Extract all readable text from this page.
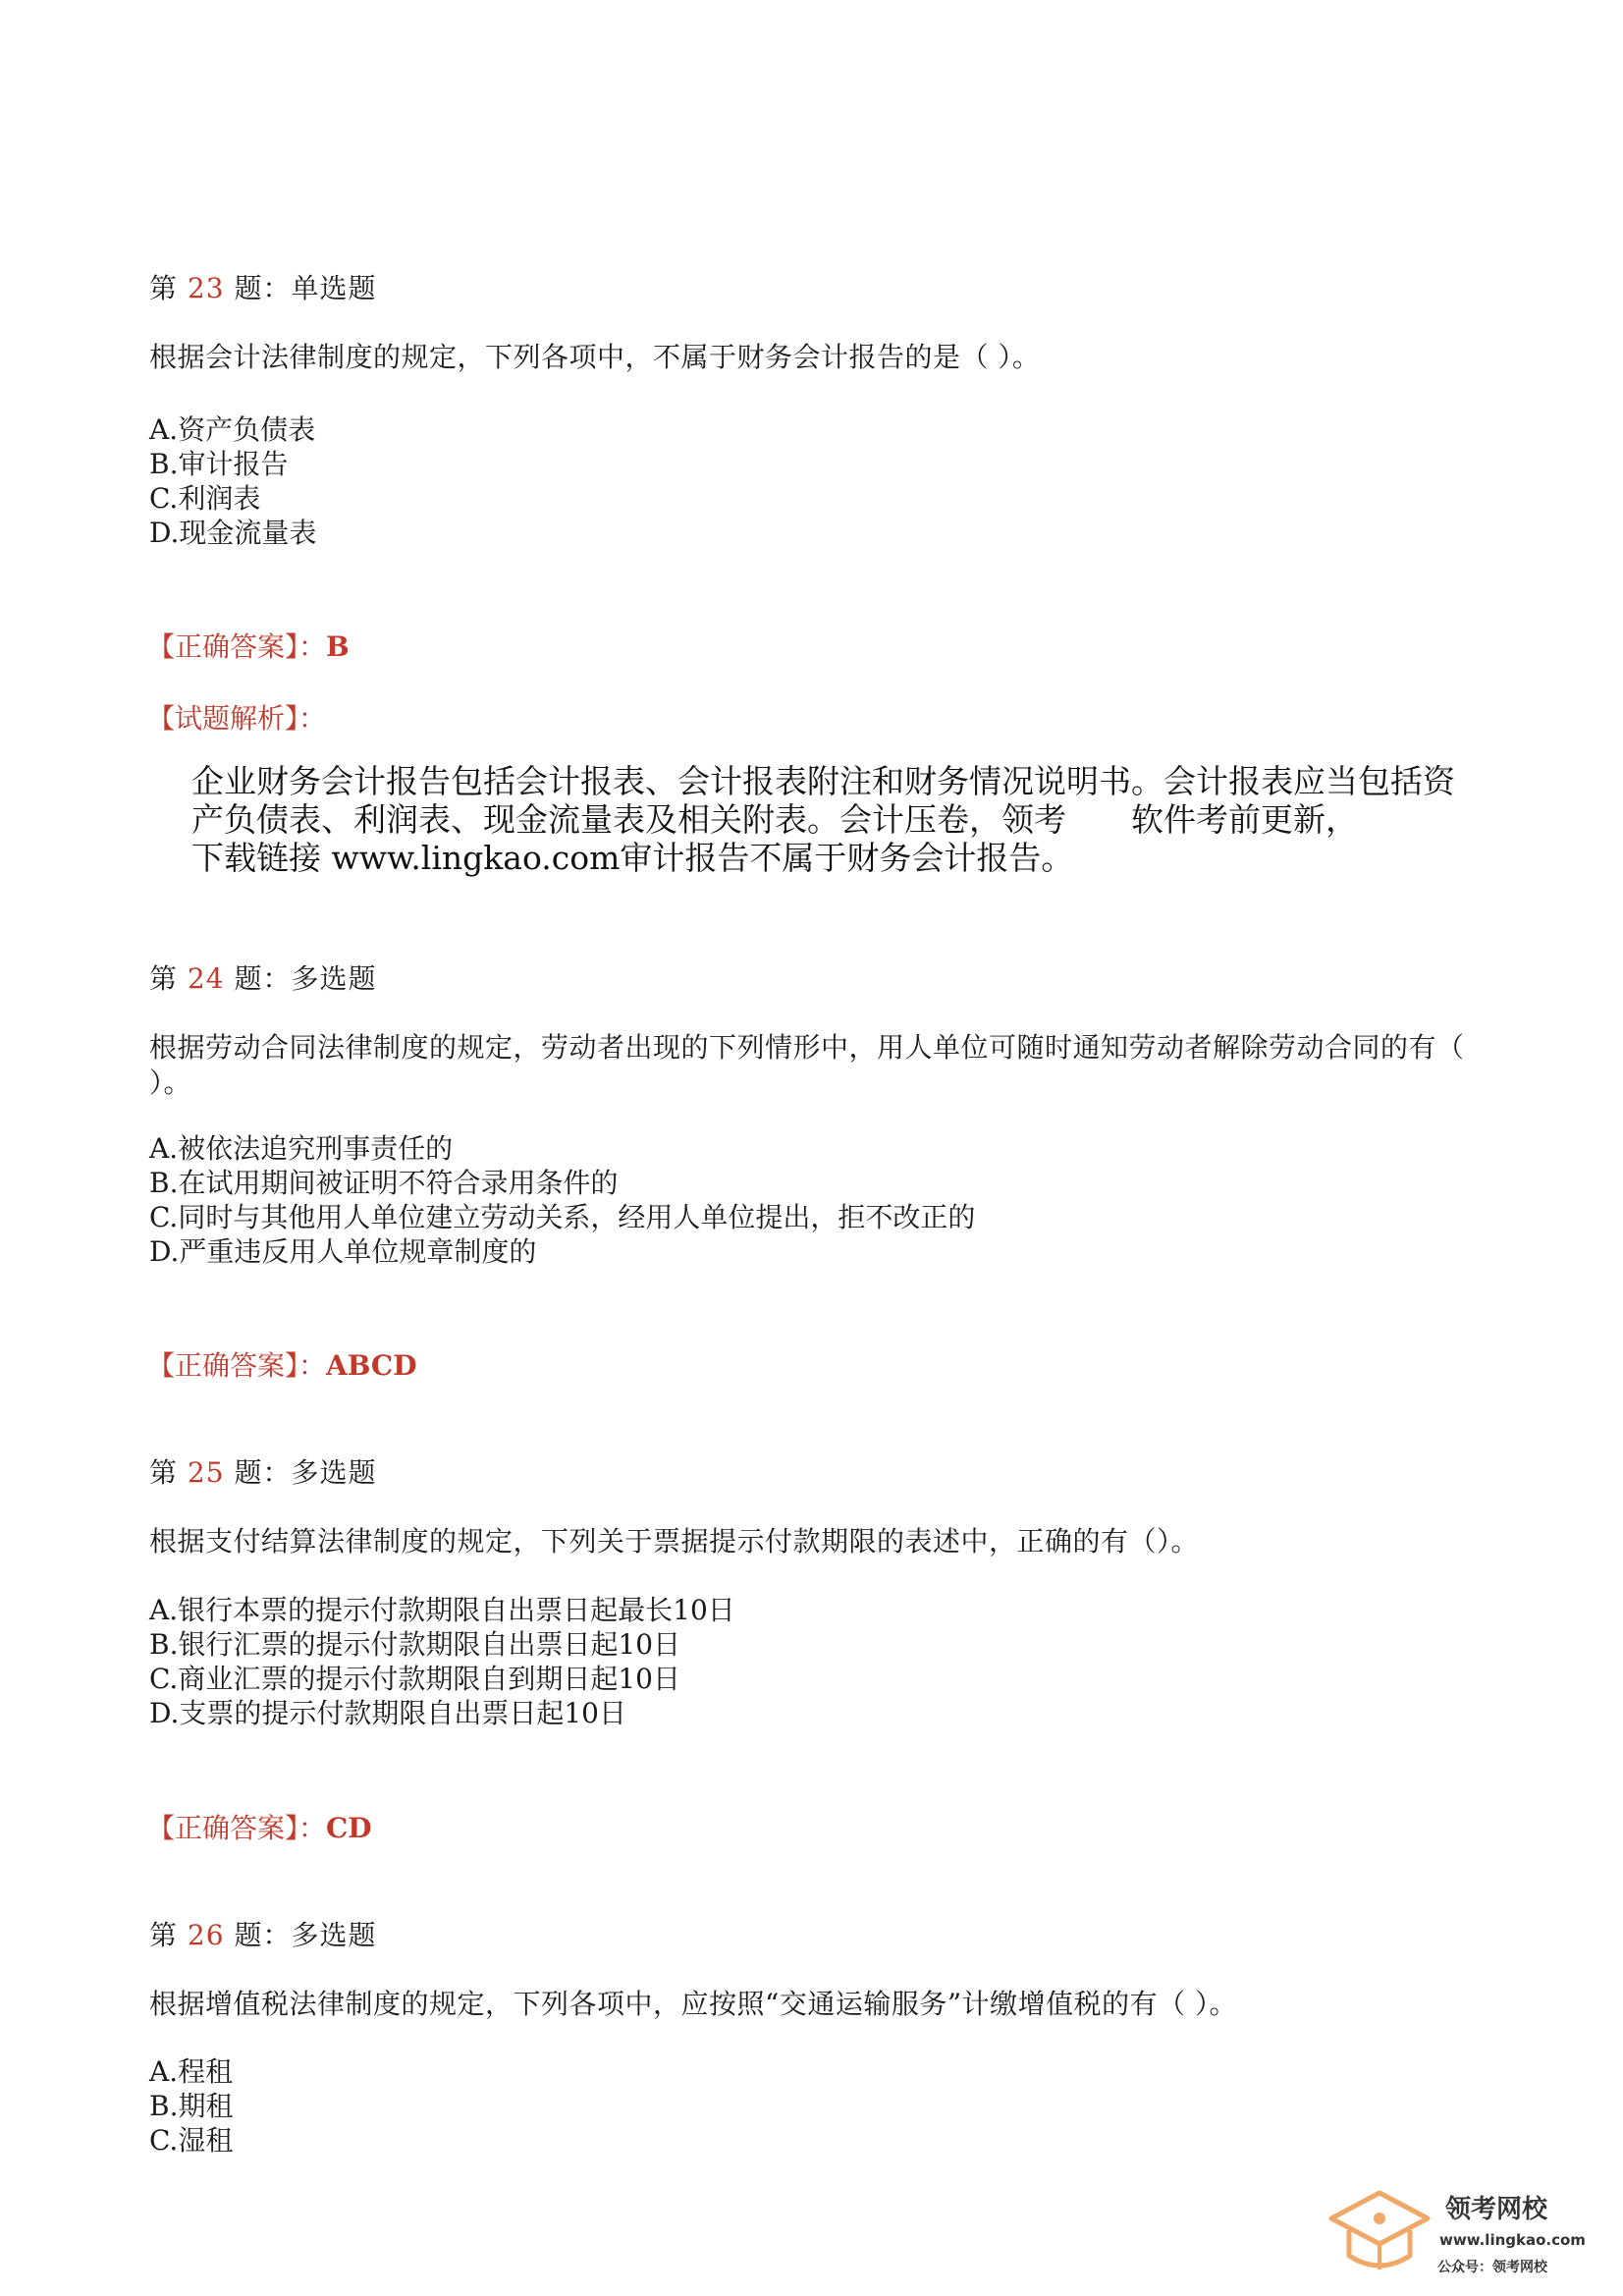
第 23 题：单选题
根据会计法律制度的规定，下列各项中，不属于财务会计报告的是（ ）。
A.资产负债表
B.审计报告
C.利润表
D.现金流量表
【正确答案】：B
【试题解析】：
企业财务会计报告包括会计报表、会计报表附注和财务情况说明书。会计报表应当包括资
产负债表、利润表、现金流量表及相关附表。会计压卷，领考　　软件考前更新，
下载链接 www.lingkao.com审计报告不属于财务会计报告。
第 24 题：多选题
根据劳动合同法律制度的规定，劳动者出现的下列情形中，用人单位可随时通知劳动者解除劳动合同的有（ ）。
A.被依法追究刑事责任的
B.在试用期间被证明不符合录用条件的
C.同时与其他用人单位建立劳动关系，经用人单位提出，拒不改正的
D.严重违反用人单位规章制度的
【正确答案】：ABCD
第 25 题：多选题
根据支付结算法律制度的规定，下列关于票据提示付款期限的表述中，正确的有（）。
A.银行本票的提示付款期限自出票日起最长10日
B.银行汇票的提示付款期限自出票日起10日
C.商业汇票的提示付款期限自到期日起10日
D.支票的提示付款期限自出票日起10日
【正确答案】：CD
第 26 题：多选题
根据增值税法律制度的规定，下列各项中，应按照“交通运输服务”计缴增值税的有（ ）。
A.程租
B.期租
C.湿租
领考网校
www.lingkao.com
公众号：领考网校
